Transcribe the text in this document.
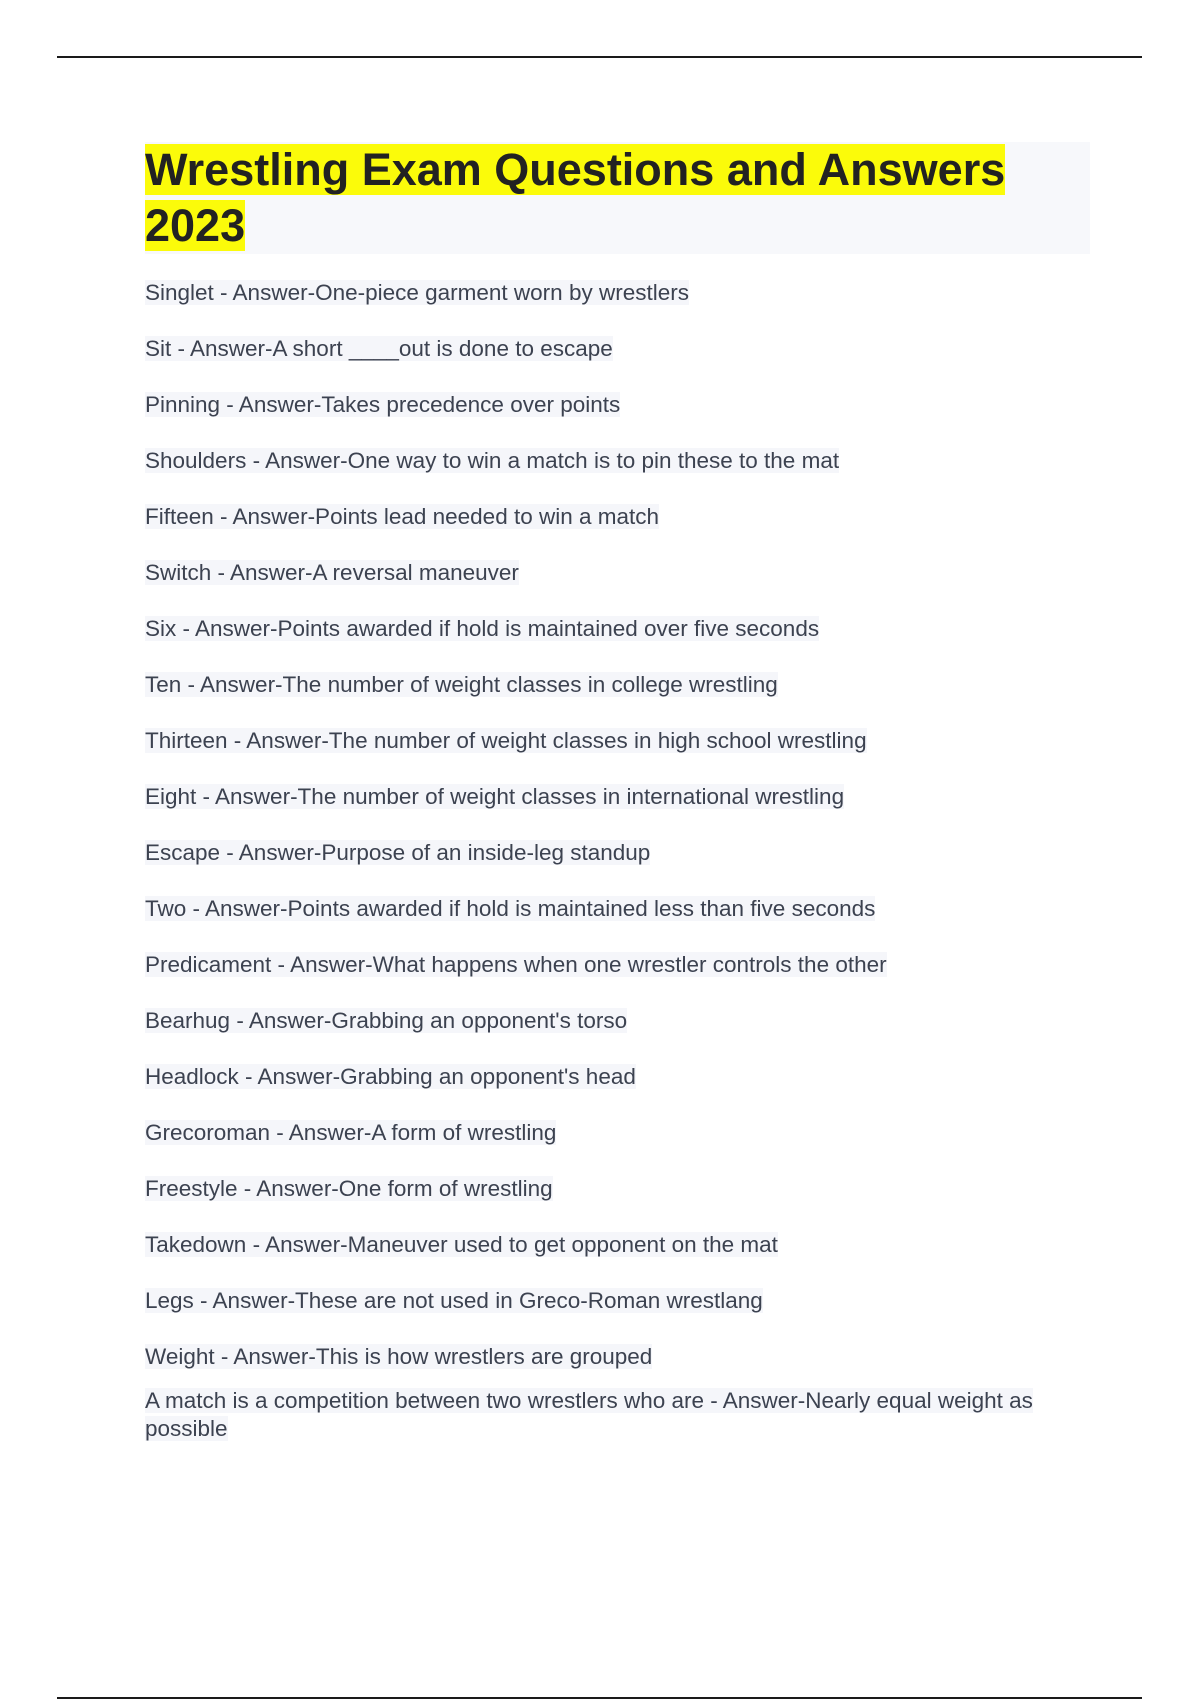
Wrestling Exam Questions and Answers 2023
Singlet - Answer-One-piece garment worn by wrestlers
Sit - Answer-A short ____out is done to escape
Pinning - Answer-Takes precedence over points
Shoulders - Answer-One way to win a match is to pin these to the mat
Fifteen - Answer-Points lead needed to win a match
Switch - Answer-A reversal maneuver
Six - Answer-Points awarded if hold is maintained over five seconds
Ten - Answer-The number of weight classes in college wrestling
Thirteen - Answer-The number of weight classes in high school wrestling
Eight - Answer-The number of weight classes in international wrestling
Escape - Answer-Purpose of an inside-leg standup
Two - Answer-Points awarded if hold is maintained less than five seconds
Predicament - Answer-What happens when one wrestler controls the other
Bearhug - Answer-Grabbing an opponent's torso
Headlock - Answer-Grabbing an opponent's head
Grecoroman - Answer-A form of wrestling
Freestyle - Answer-One form of wrestling
Takedown - Answer-Maneuver used to get opponent on the mat
Legs - Answer-These are not used in Greco-Roman wrestlang
Weight - Answer-This is how wrestlers are grouped
A match is a competition between two wrestlers who are - Answer-Nearly equal weight as possible
